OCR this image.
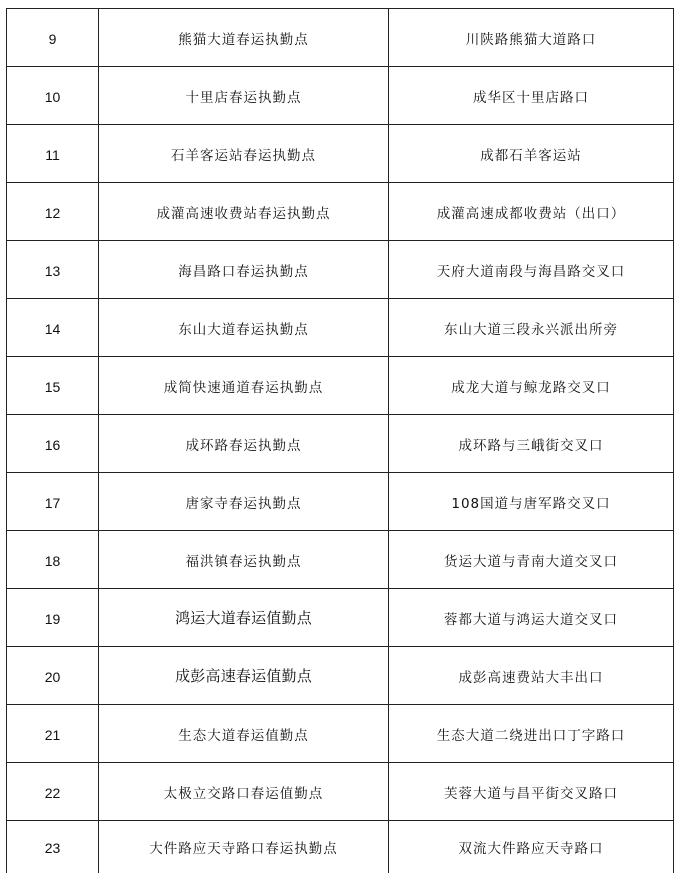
9	熊猫大道春运执勤点	川陕路熊猫大道路口
10	十里店春运执勤点	成华区十里店路口
11	石羊客运站春运执勤点	成都石羊客运站
12	成灌高速收费站春运执勤点	成灌高速成都收费站（出口）
13	海昌路口春运执勤点	天府大道南段与海昌路交叉口
14	东山大道春运执勤点	东山大道三段永兴派出所旁
15	成简快速通道春运执勤点	成龙大道与鲸龙路交叉口
16	成环路春运执勤点	成环路与三峨街交叉口
17	唐家寺春运执勤点	108国道与唐军路交叉口
18	福洪镇春运执勤点	货运大道与青南大道交叉口
19	鸿运大道春运值勤点	蓉都大道与鸿运大道交叉口
20	成彭高速春运值勤点	成彭高速费站大丰出口
21	生态大道春运值勤点	生态大道二绕进出口丁字路口
22	太极立交路口春运值勤点	芙蓉大道与昌平街交叉路口
23	大件路应天寺路口春运执勤点	双流大件路应天寺路口
